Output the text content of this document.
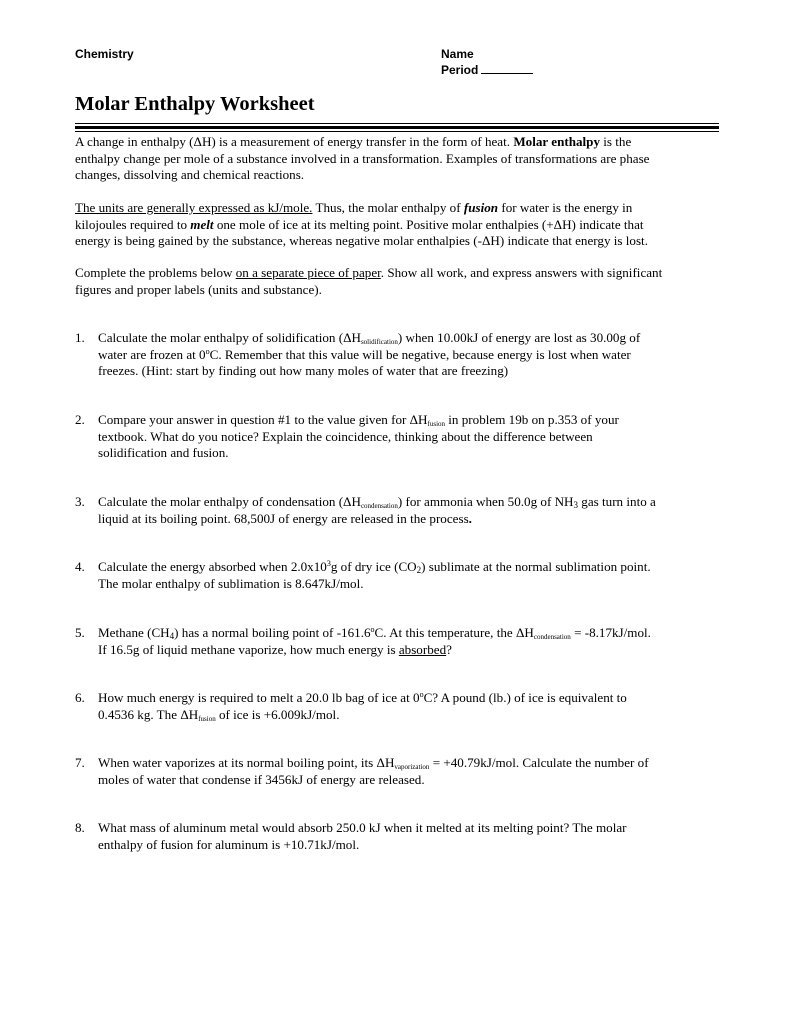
Chemistry	Name
Period
Molar Enthalpy Worksheet
A change in enthalpy (ΔH) is a measurement of energy transfer in the form of heat. Molar enthalpy is the
enthalpy change per mole of a substance involved in a transformation. Examples of transformations are phase
changes, dissolving and chemical reactions.
The units are generally expressed as kJ/mole. Thus, the molar enthalpy of fusion for water is the energy in
kilojoules required to melt one mole of ice at its melting point. Positive molar enthalpies (+ΔH) indicate that
energy is being gained by the substance, whereas negative molar enthalpies (-ΔH) indicate that energy is lost.
Complete the problems below on a separate piece of paper. Show all work, and express answers with significant
figures and proper labels (units and substance).
1. Calculate the molar enthalpy of solidification $(\Delta H_{solidification})$ when 10.00kJ of energy are lost as 30.00g of
water are frozen at 0$^o$C. Remember that this value will be negative, because energy is lost when water
freezes. (Hint: start by finding out how many moles of water that are freezing)
2. Compare your answer in question #1 to the value given for $\Delta H_{fusion}$ in problem 19b on p.353 of your
textbook. What do you notice? Explain the coincidence, thinking about the difference between
solidification and fusion.
3. Calculate the molar enthalpy of condensation $(\Delta H_{condensation})$ for ammonia when 50.0g of $NH_3$ gas turn into a
liquid at its boiling point. 68,500J of energy are released in the process.
4. Calculate the energy absorbed when $2.0x10^3g$ of dry ice $(CO_2)$ sublimate at the normal sublimation point.
The molar enthalpy of sublimation is 8.647kJ/mol.
5. Methane $(CH_4)$ has a normal boiling point of -161.6$^o$C. At this temperature, the $\Delta H_{condensation} = -8.17kJ/mol$.
If 16.5g of liquid methane vaporize, how much energy is absorbed?
6. How much energy is required to melt a 20.0 lb bag of ice at 0$^o$C? A pound (lb.) of ice is equivalent to
0.4536 kg. The $\Delta H_{fusion}$ of ice is +6.009kJ/mol.
7. When water vaporizes at its normal boiling point, its $\Delta H_{vaporization} = +40.79kJ/mol$. Calculate the number of
moles of water that condense if 3456kJ of energy are released.
8. What mass of aluminum metal would absorb 250.0 kJ when it melted at its melting point? The molar
enthalpy of fusion for aluminum is +10.71kJ/mol.
